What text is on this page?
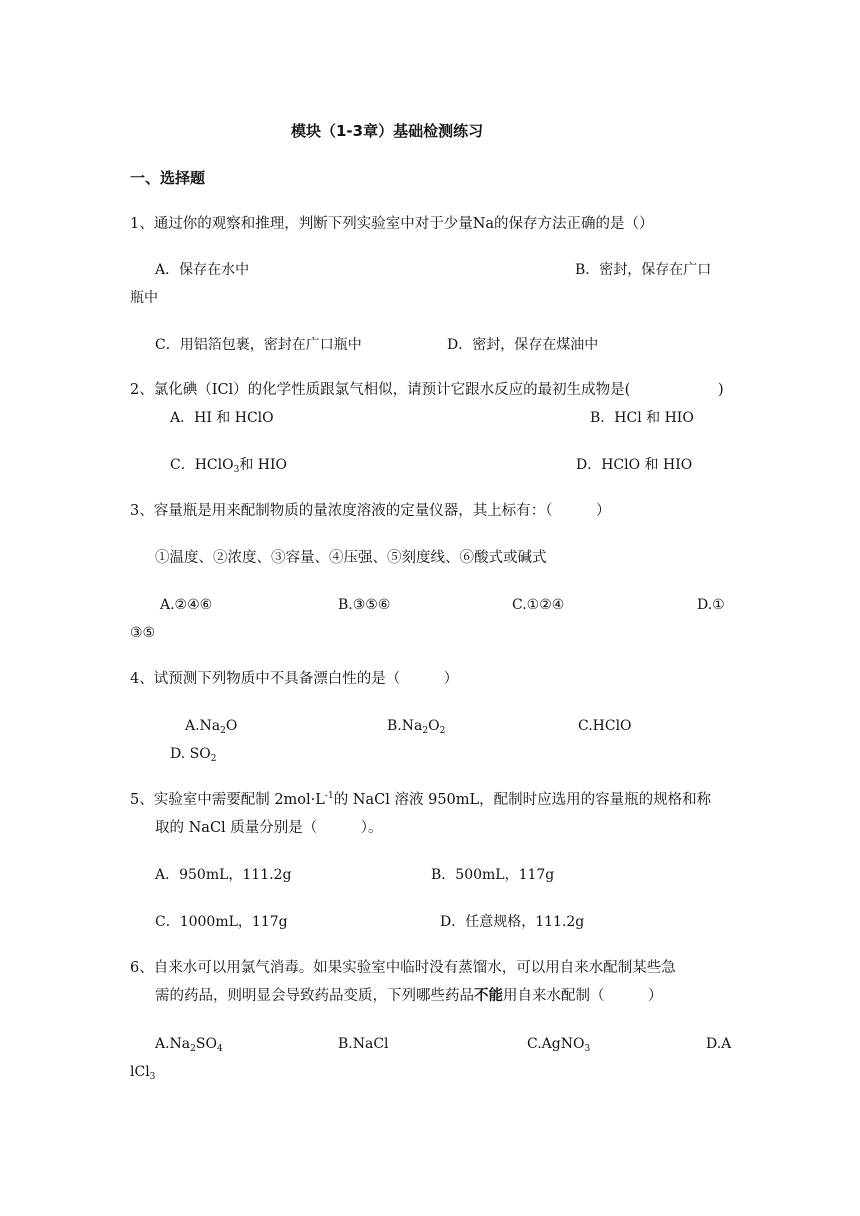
模块（1-3章）基础检测练习
一、选择题
1、通过你的观察和推理，判断下列实验室中对于少量Na的保存方法正确的是（）
A．保存在水中	B．密封，保存在广口
瓶中
C．用铝箔包裹，密封在广口瓶中	D．密封，保存在煤油中
2、氯化碘（ICl）的化学性质跟氯气相似，请预计它跟水反应的最初生成物是(	)
A．HI 和 HClO	B．HCl 和 HIO
C．HClO$_3$和 HIO	D．HClO 和 HIO
3、容量瓶是用来配制物质的量浓度溶液的定量仪器，其上标有：（　　　）
①温度、②浓度、③容量、④压强、⑤刻度线、⑥酸式或碱式
A.②④⑥	B.③⑤⑥	C.①②④	D.①
③⑤
4、试预测下列物质中不具备漂白性的是（　　　）
$A.Na_2O$	$B.Na_2O_2$	C.HClO
D. $SO_2$
5、实验室中需要配制 $2mol\cdot L^{-1}$的 NaCl 溶液 950mL，配制时应选用的容量瓶的规格和称
取的 NaCl 质量分别是（　　　）。
A．950mL，111.2g	B．500mL，117g
C．1000mL，117g	D．任意规格，111.2g
6、自来水可以用氯气消毒。如果实验室中临时没有蒸馏水，可以用自来水配制某些急
需的药品，则明显会导致药品变质，下列哪些药品不能用自来水配制（　　　）
$A.Na_2SO_4$	B.NaCl	C.AgNO$_3$	D.A
lCl$_3$
